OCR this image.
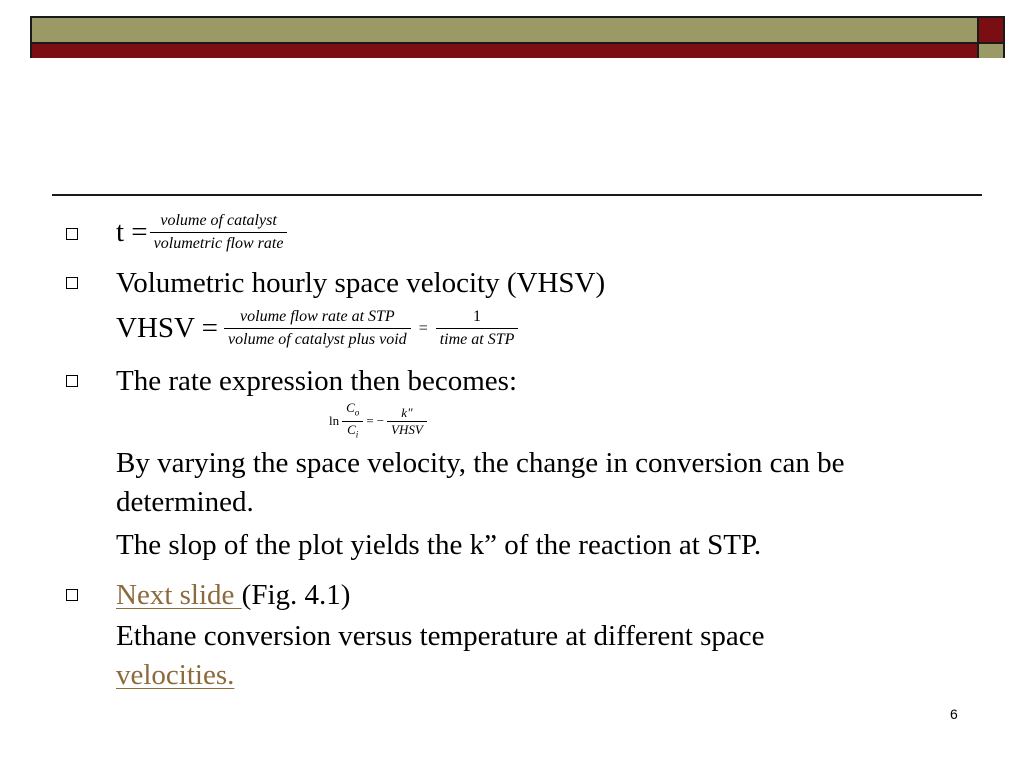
$t = \frac{\text{volume of catalyst}}{\text{volumetric flow rate}}$
Volumetric hourly space velocity (VHSV)
VHSV = $\frac{\text{volume flow rate at STP}}{\text{volume of catalyst plus void}} = \frac{1}{\text{time at STP}}$
The rate expression then becomes:
$\ln \frac{C_o}{C_i}$ = − $\frac{k"}{\text{VHSV}}$
By varying the space velocity, the change in conversion can be
determined.
The slop of the plot yields the k” of the reaction at STP.
Next slide (Fig. 4.1)
Ethane conversion versus temperature at different space
velocities.
6
